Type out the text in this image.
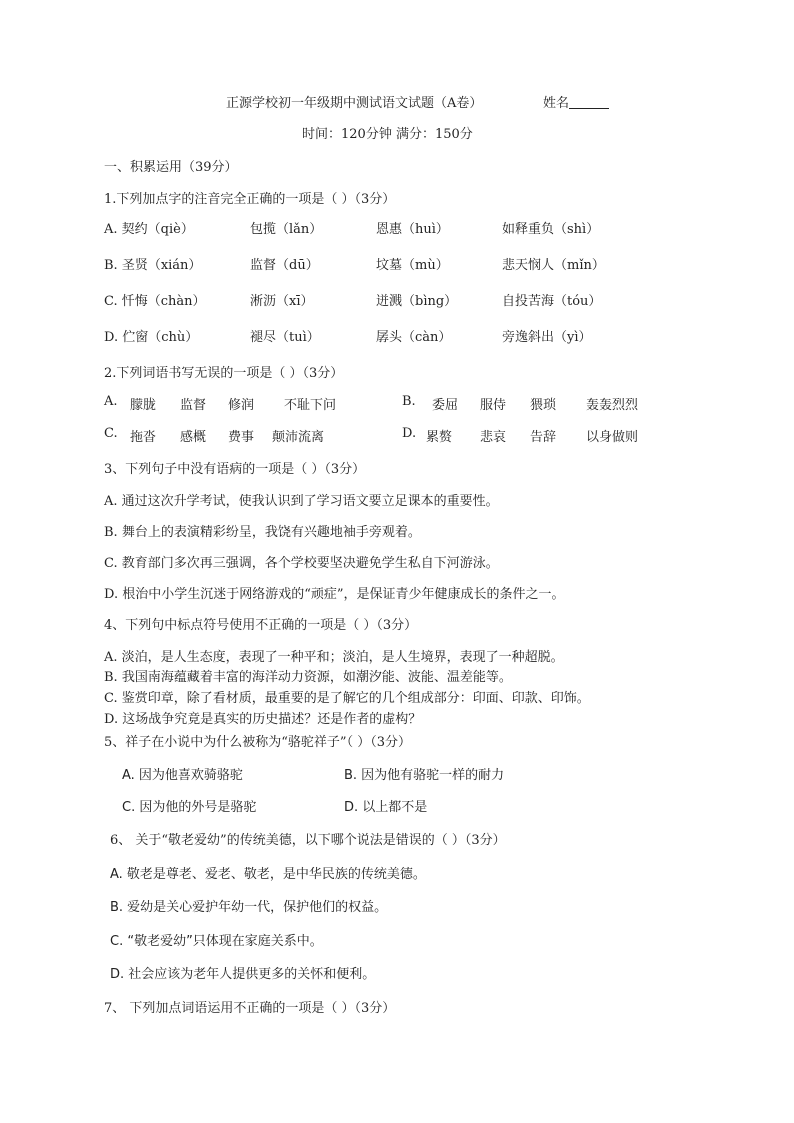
正源学校初一年级期中测试语文试题（A卷）	姓名
时间：120分钟 满分：150分
一、积累运用（39分）
1.下列加点字的注音完全正确的一项是（ ）（3分）
A. 契约（qiè）	包揽（lǎn）	恩惠（huì）	如释重负（shì）
B. 圣贤（xián）	监督（dū）	坟墓（mù）	悲天悯人（mǐn）
C. 忏悔（chàn）	淅沥（xī）	迸溅（bìng）	自投苦海（tóu）
D. 伫窗（chù）	褪尽（tuì）	孱头（càn）	旁逸斜出（yì）
2.下列词语书写无误的一项是（ ）（3分）
A. 朦胧 监督 修润 不耻下问	B. 委屈 服侍 猥琐 轰轰烈烈
C. 拖沓 感概 费事 颠沛流离	D. 累赘 悲哀 告辞 以身做则
3、下列句子中没有语病的一项是（ ）（3分）
A. 通过这次升学考试，使我认识到了学习语文要立足课本的重要性。
B. 舞台上的表演精彩纷呈，我饶有兴趣地袖手旁观着。
C. 教育部门多次再三强调，各个学校要坚决避免学生私自下河游泳。
D. 根治中小学生沉迷于网络游戏的“顽症”，是保证青少年健康成长的条件之一。
4、下列句中标点符号使用不正确的一项是（ ）（3分）
A. 淡泊，是人生态度，表现了一种平和；淡泊，是人生境界，表现了一种超脱。
B. 我国南海蕴藏着丰富的海洋动力资源，如潮汐能、波能、温差能等。
C. 鉴赏印章，除了看材质，最重要的是了解它的几个组成部分：印面、印款、印饰。
D. 这场战争究竟是真实的历史描述？还是作者的虚构？
5、祥子在小说中为什么被称为“骆驼祥子”（ ）（3分）
A. 因为他喜欢骑骆驼	B. 因为他有骆驼一样的耐力
C. 因为他的外号是骆驼	D. 以上都不是
6、 关于“敬老爱幼”的传统美德，以下哪个说法是错误的（ ）（3分）
A. 敬老是尊老、爱老、敬老，是中华民族的传统美德。
B. 爱幼是关心爱护年幼一代，保护他们的权益。
C. “敬老爱幼”只体现在家庭关系中。
D. 社会应该为老年人提供更多的关怀和便利。
7、 下列加点词语运用不正确的一项是（ ）（3分）
